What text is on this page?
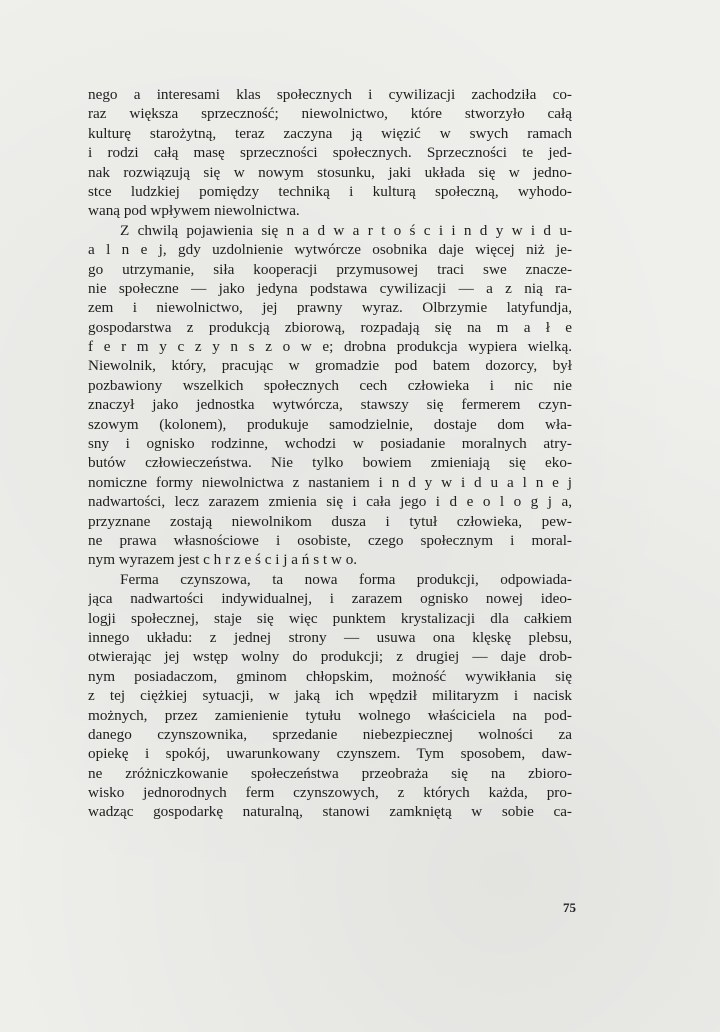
nego a interesami klas społecznych i cywilizacji zachodziła co-
raz większa sprzeczność; niewolnictwo, które stworzyło całą
kulturę starożytną, teraz zaczyna ją więzić w swych ramach
i rodzi całą masę sprzeczności społecznych. Sprzeczności te jed-
nak rozwiązują się w nowym stosunku, jaki układa się w jedno-
stce ludzkiej pomiędzy techniką i kulturą społeczną, wyhodo-
waną pod wpływem niewolnictwa.
Z chwilą pojawienia się n a d w a r t o ś c i i n d y w i d u-
a l n e j, gdy uzdolnienie wytwórcze osobnika daje więcej niż je-
go utrzymanie, siła kooperacji przymusowej traci swe znacze-
nie społeczne — jako jedyna podstawa cywilizacji — a z nią ra-
zem i niewolnictwo, jej prawny wyraz. Olbrzymie latyfundja,
gospodarstwa z produkcją zbiorową, rozpadają się na m a ł e
f e r m y c z y n s z o w e; drobna produkcja wypiera wielką.
Niewolnik, który, pracując w gromadzie pod batem dozorcy, był
pozbawiony wszelkich społecznych cech człowieka i nic nie
znaczył jako jednostka wytwórcza, stawszy się fermerem czyn-
szowym (kolonem), produkuje samodzielnie, dostaje dom wła-
sny i ognisko rodzinne, wchodzi w posiadanie moralnych atry-
butów człowieczeństwa. Nie tylko bowiem zmieniają się eko-
nomiczne formy niewolnictwa z nastaniem i n d y w i d u a l n e j
nadwartości, lecz zarazem zmienia się i cała jego i d e o l o g j a,
przyznane zostają niewolnikom dusza i tytuł człowieka, pew-
ne prawa własnościowe i osobiste, czego społecznym i moral-
nym wyrazem jest c h r z e ś c i j a ń s t w o.
Ferma czynszowa, ta nowa forma produkcji, odpowiada-
jąca nadwartości indywidualnej, i zarazem ognisko nowej ideo-
logji społecznej, staje się więc punktem krystalizacji dla całkiem
innego układu: z jednej strony — usuwa ona klęskę plebsu,
otwierając jej wstęp wolny do produkcji; z drugiej — daje drob-
nym posiadaczom, gminom chłopskim, możność wywikłania się
z tej ciężkiej sytuacji, w jaką ich wpędził militaryzm i nacisk
możnych, przez zamienienie tytułu wolnego właściciela na pod-
danego czynszownika, sprzedanie niebezpiecznej wolności za
opiekę i spokój, uwarunkowany czynszem. Tym sposobem, daw-
ne zróżniczkowanie społeczeństwa przeobraża się na zbioro-
wisko jednorodnych ferm czynszowych, z których każda, pro-
wadząc gospodarkę naturalną, stanowi zamkniętą w sobie ca-
75
